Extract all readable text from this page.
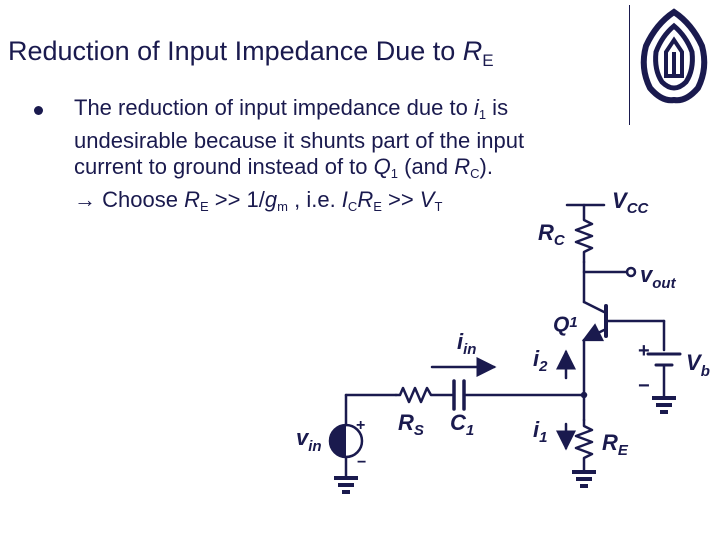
Reduction of Input Impedance Due to $R_E$
The reduction of input impedance due to $i_1$ is
undesirable because it shunts part of the input
current to ground instead of to $Q_1$ (and $R_C$).
→ Choose $R_E >> 1/g_m$ , i.e. $I_CR_E >> V_T$	$V_{CC}$
$R_C$
$v_{out}$
Q1
$i_{in}$	$i_2$
$i_1$
$R_S$ $C_1$	$R_E$
$v_{in}$
$V_b$
+
−
+
−
